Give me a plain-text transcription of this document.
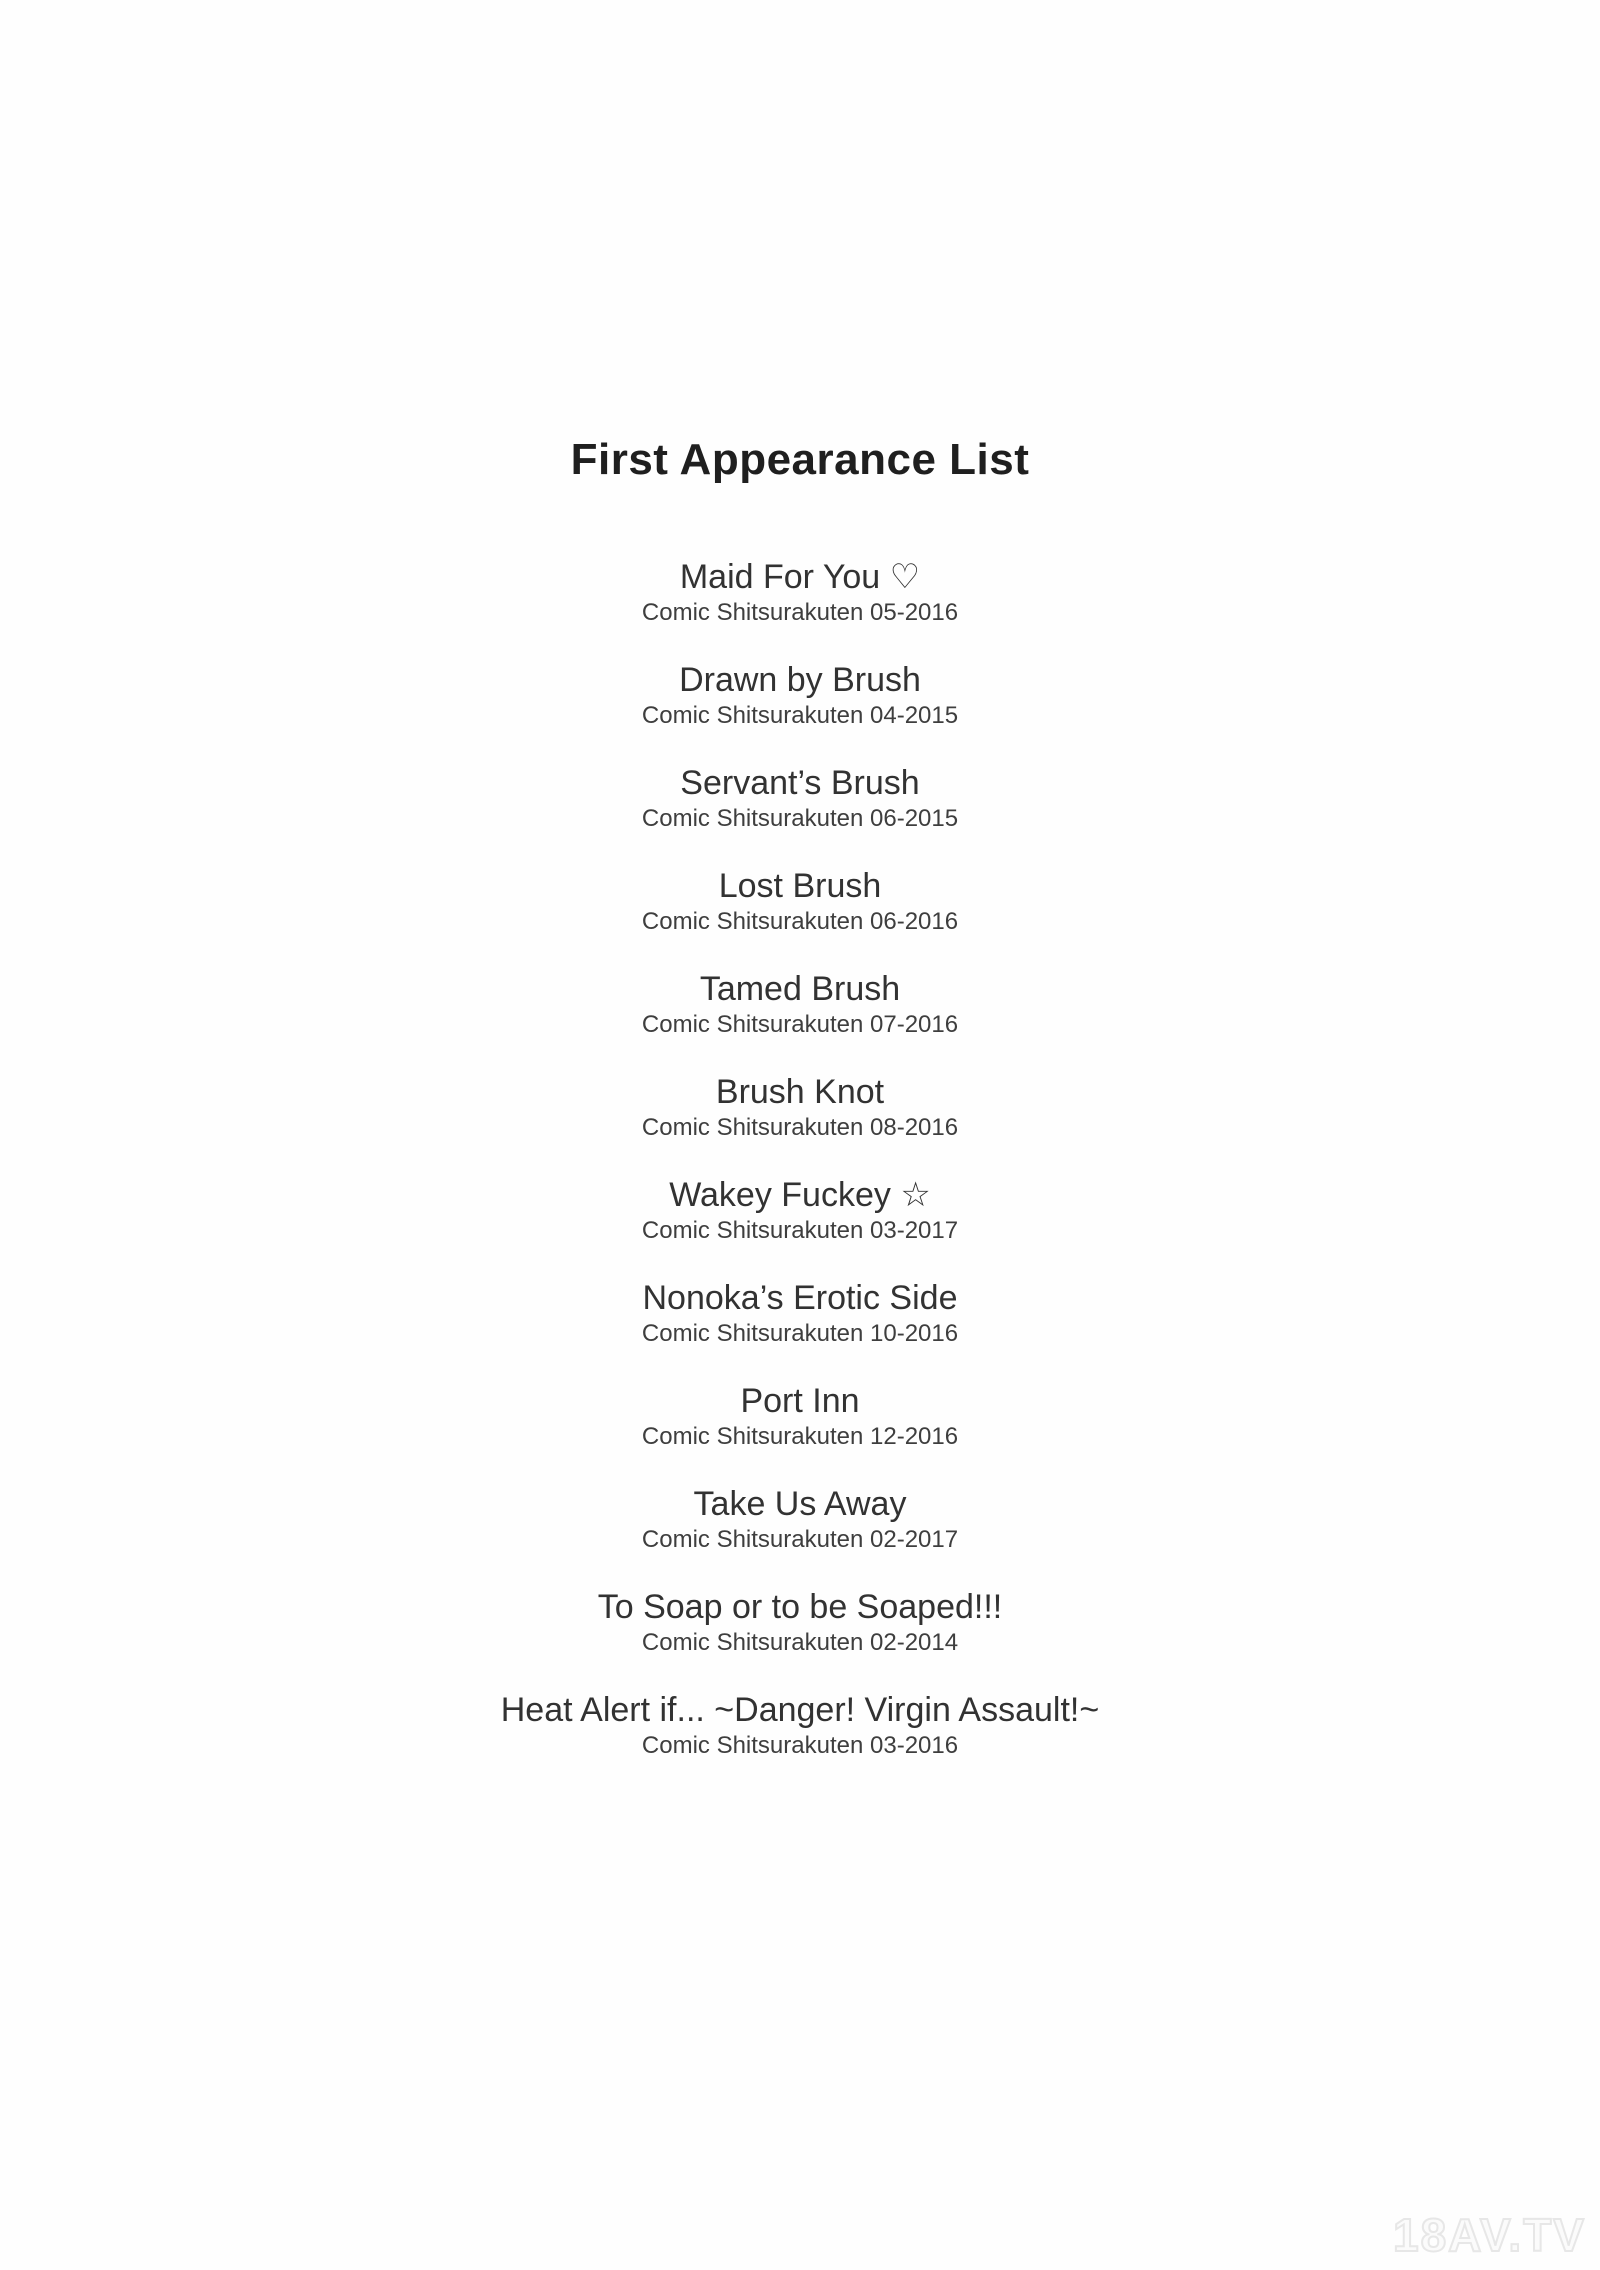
First Appearance List
Maid For You ♡
Comic Shitsurakuten 05-2016
Drawn by Brush
Comic Shitsurakuten 04-2015
Servant’s Brush
Comic Shitsurakuten 06-2015
Lost Brush
Comic Shitsurakuten 06-2016
Tamed Brush
Comic Shitsurakuten 07-2016
Brush Knot
Comic Shitsurakuten 08-2016
Wakey Fuckey ☆
Comic Shitsurakuten 03-2017
Nonoka’s Erotic Side
Comic Shitsurakuten 10-2016
Port Inn
Comic Shitsurakuten 12-2016
Take Us Away
Comic Shitsurakuten 02-2017
To Soap or to be Soaped!!!
Comic Shitsurakuten 02-2014
Heat Alert if... ~Danger! Virgin Assault!~
Comic Shitsurakuten 03-2016
18AV.TV
